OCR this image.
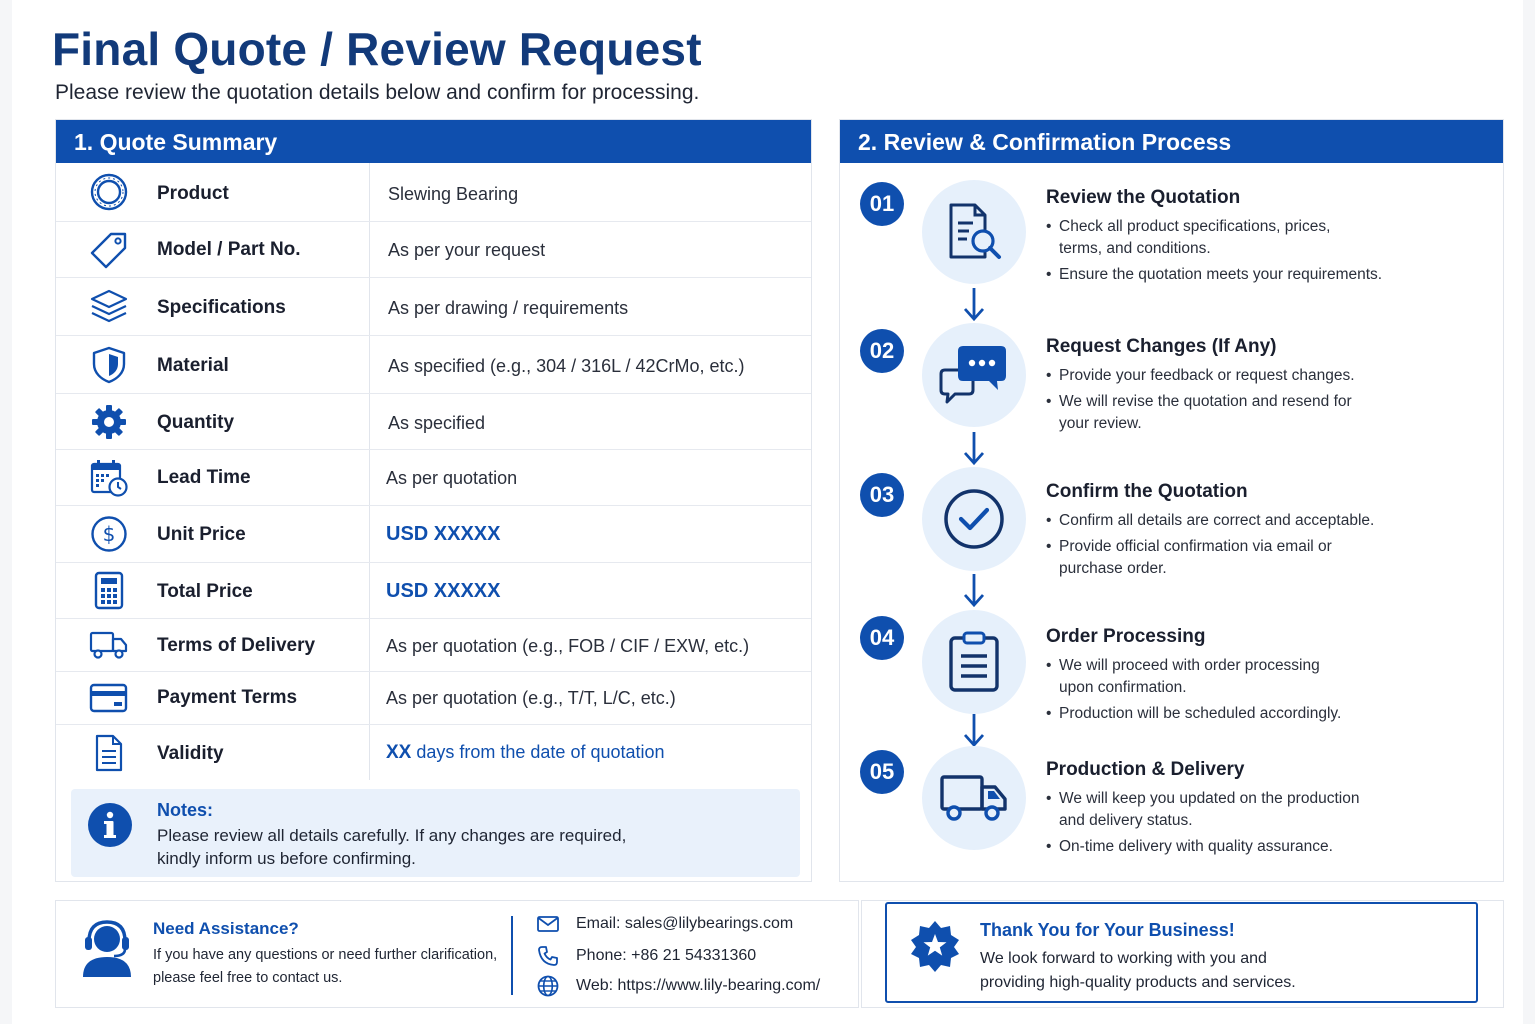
Final Quote / Review Request
Please review the quotation details below and confirm for processing.
1. Quote Summary
Product	Slewing Bearing
Model / Part No.	As per your request
Specifications	As per drawing / requirements
Material	As specified (e.g., 304 / 316L / 42CrMo, etc.)
Quantity	As specified
Lead Time	As per quotation
$ Unit Price	USD XXXXX
Total Price	USD XXXXX
Terms of Delivery	As per quotation (e.g., FOB / CIF / EXW, etc.)
Payment Terms	As per quotation (e.g., T/T, L/C, etc.)
Validity	XX days from the date of quotation
Notes:
Please review all details carefully. If any changes are required,
kindly inform us before confirming.
2. Review & Confirmation Process
01	Review the Quotation
• Check all product specifications, prices, terms, and conditions.
• Ensure the quotation meets your requirements.
02	Request Changes (If Any)
• Provide your feedback or request changes.
• We will revise the quotation and resend for your review.
03	Confirm the Quotation
• Confirm all details are correct and acceptable.
• Provide official confirmation via email or purchase order.
04	Order Processing
• We will proceed with order processing upon confirmation.
• Production will be scheduled accordingly.
05	Production & Delivery
• We will keep you updated on the production and delivery status.
• On-time delivery with quality assurance.
Need Assistance?
If you have any questions or need further clarification,
please feel free to contact us.
Email: sales@lilybearings.com
Phone: +86 21 54331360
Web: https://www.lily-bearing.com/
Thank You for Your Business!
We look forward to working with you and
providing high-quality products and services.
